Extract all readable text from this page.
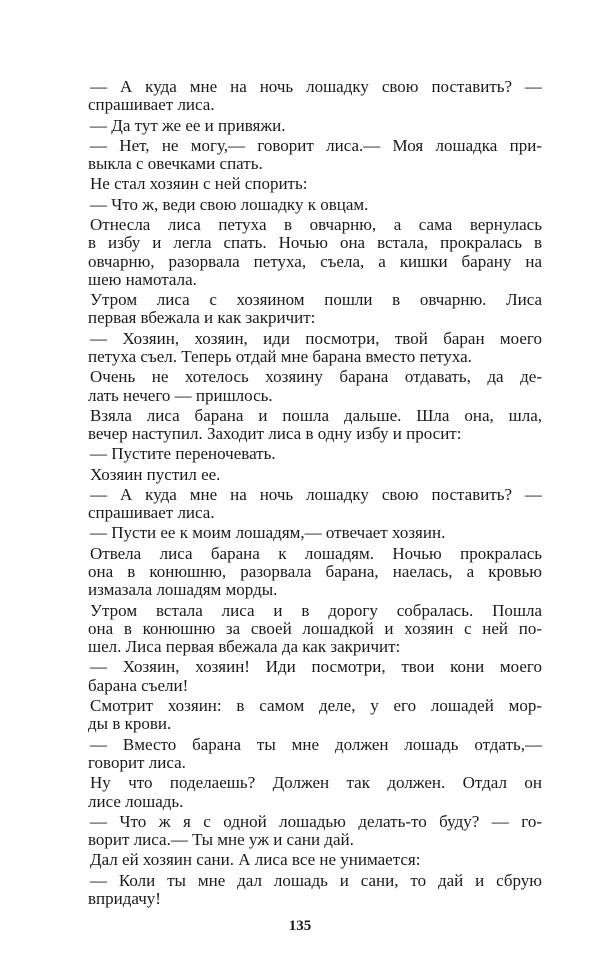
— А куда мне на ночь лошадку свою поставить? —
спрашивает лиса.
— Да тут же ее и привяжи.
— Нет, не могу,— говорит лиса.— Моя лошадка при-
выкла с овечками спать.
Не стал хозяин с ней спорить:
— Что ж, веди свою лошадку к овцам.
Отнесла лиса петуха в овчарню, а сама вернулась
в избу и легла спать. Ночью она встала, прокралась в
овчарню, разорвала петуха, съела, а кишки барану на
шею намотала.
Утром лиса с хозяином пошли в овчарню. Лиса
первая вбежала и как закричит:
— Хозяин, хозяин, иди посмотри, твой баран моего
петуха съел. Теперь отдай мне барана вместо петуха.
Очень не хотелось хозяину барана отдавать, да де-
лать нечего — пришлось.
Взяла лиса барана и пошла дальше. Шла она, шла,
вечер наступил. Заходит лиса в одну избу и просит:
— Пустите переночевать.
Хозяин пустил ее.
— А куда мне на ночь лошадку свою поставить? —
спрашивает лиса.
— Пусти ее к моим лошадям,— отвечает хозяин.
Отвела лиса барана к лошадям. Ночью прокралась
она в конюшню, разорвала барана, наелась, а кровью
измазала лошадям морды.
Утром встала лиса и в дорогу собралась. Пошла
она в конюшню за своей лошадкой и хозяин с ней по-
шел. Лиса первая вбежала да как закричит:
— Хозяин, хозяин! Иди посмотри, твои кони моего
барана съели!
Смотрит хозяин: в самом деле, у его лошадей мор-
ды в крови.
— Вместо барана ты мне должен лошадь отдать,—
говорит лиса.
Ну что поделаешь? Должен так должен. Отдал он
лисе лошадь.
— Что ж я с одной лошадью делать-то буду? — го-
ворит лиса.— Ты мне уж и сани дай.
Дал ей хозяин сани. А лиса все не унимается:
— Коли ты мне дал лошадь и сани, то дай и сбрую
впридачу!
135
